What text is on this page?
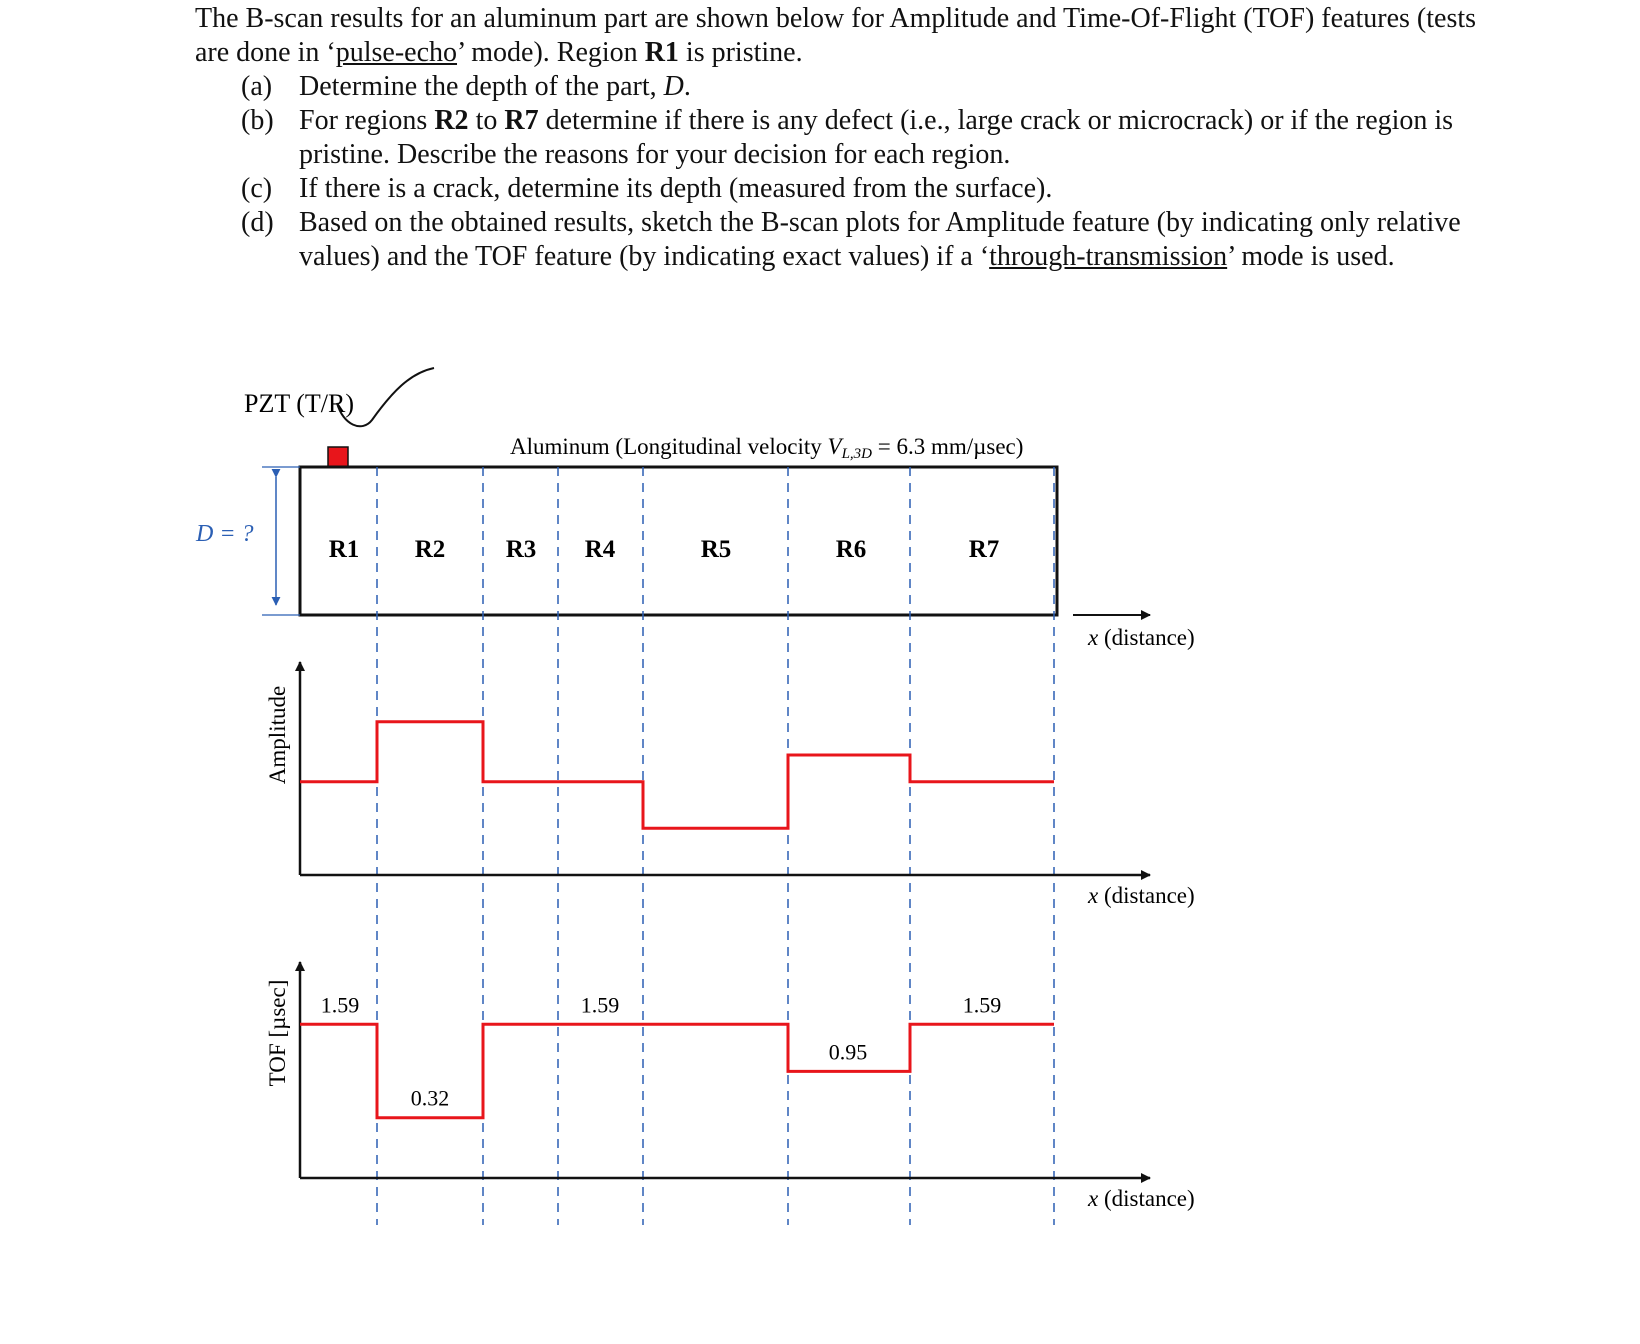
The B-scan results for an aluminum part are shown below for Amplitude and Time-Of-Flight (TOF) features (tests are done in ‘pulse-echo’ mode). Region R1 is pristine.

(a) Determine the depth of the part, D.
(b) For regions R2 to R7 determine if there is any defect (i.e., large crack or microcrack) or if the region is pristine. Describe the reasons for your decision for each region.
(c) If there is a crack, determine its depth (measured from the surface).
(d) Based on the obtained results, sketch the B-scan plots for Amplitude feature (by indicating only relative values) and the TOF feature (by indicating exact values) if a ‘through-transmission’ mode is used.
PZT (T/R)
Aluminum (Longitudinal velocity VL,3D = 6.3 mm/µsec)
D = ?
R1 R2 R3 R4	R5	R6	R7
x (distance)
Amplitude
x (distance)
TOF [µsec]
x (distance)
1.59
0.32
1.59
0.95
1.59
